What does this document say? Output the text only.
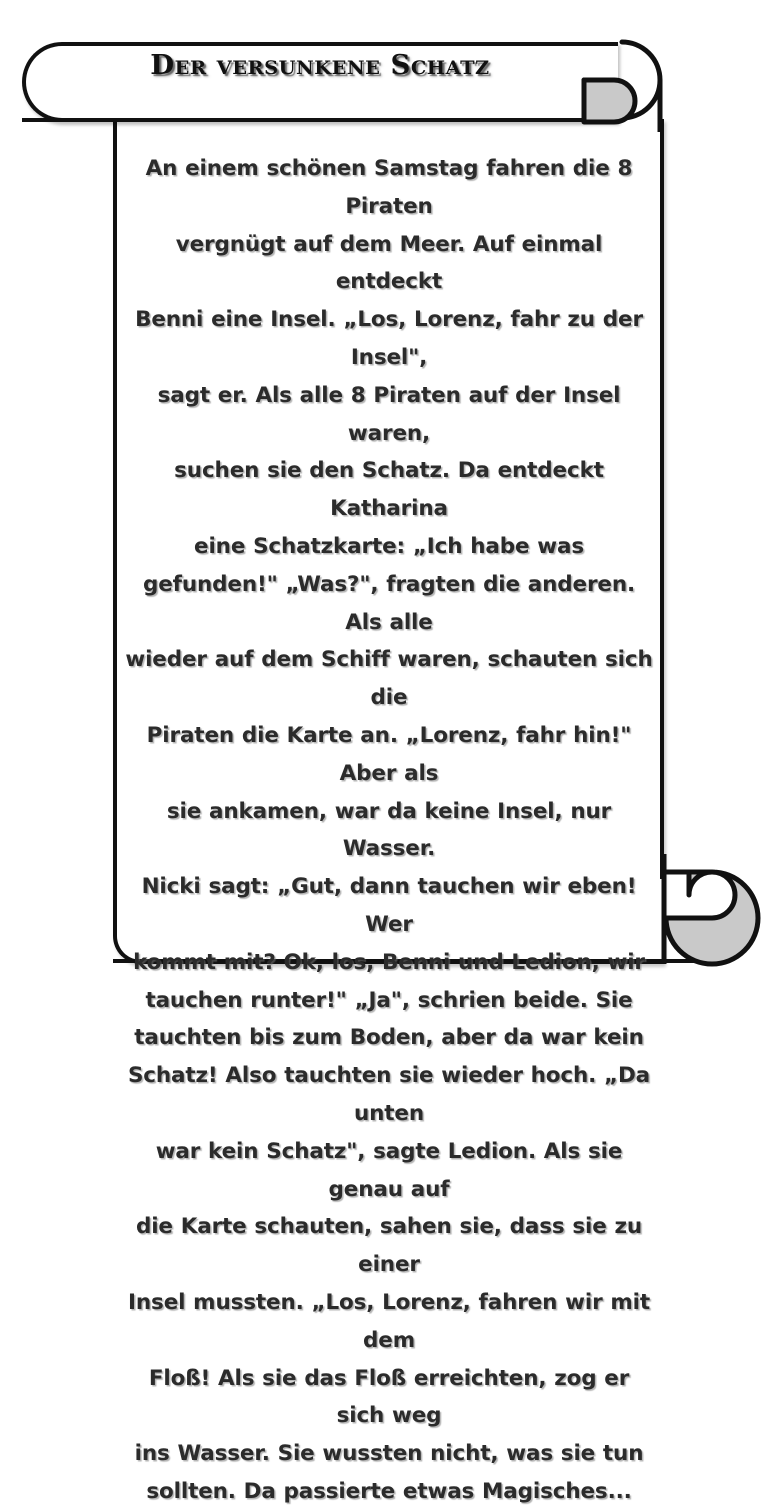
Der versunkene Schatz
An einem schönen Samstag fahren die 8 Piraten
vergnügt auf dem Meer. Auf einmal entdeckt
Benni eine Insel. „Los, Lorenz, fahr zu der Insel",
sagt er. Als alle 8 Piraten auf der Insel waren,
suchen sie den Schatz. Da entdeckt Katharina
eine Schatzkarte: „Ich habe was
gefunden!" „Was?", fragten die anderen. Als alle
wieder auf dem Schiff waren, schauten sich die
Piraten die Karte an. „Lorenz, fahr hin!" Aber als
sie ankamen, war da keine Insel, nur Wasser.
Nicki sagt: „Gut, dann tauchen wir eben! Wer
kommt mit? Ok, los, Benni und Ledion, wir
tauchen runter!" „Ja", schrien beide. Sie
tauchten bis zum Boden, aber da war kein
Schatz! Also tauchten sie wieder hoch. „Da unten
war kein Schatz", sagte Ledion. Als sie genau auf
die Karte schauten, sahen sie, dass sie zu einer
Insel mussten. „Los, Lorenz, fahren wir mit dem
Floß! Als sie das Floß erreichten, zog er sich weg
ins Wasser. Sie wussten nicht, was sie tun
sollten. Da passierte etwas Magisches...
